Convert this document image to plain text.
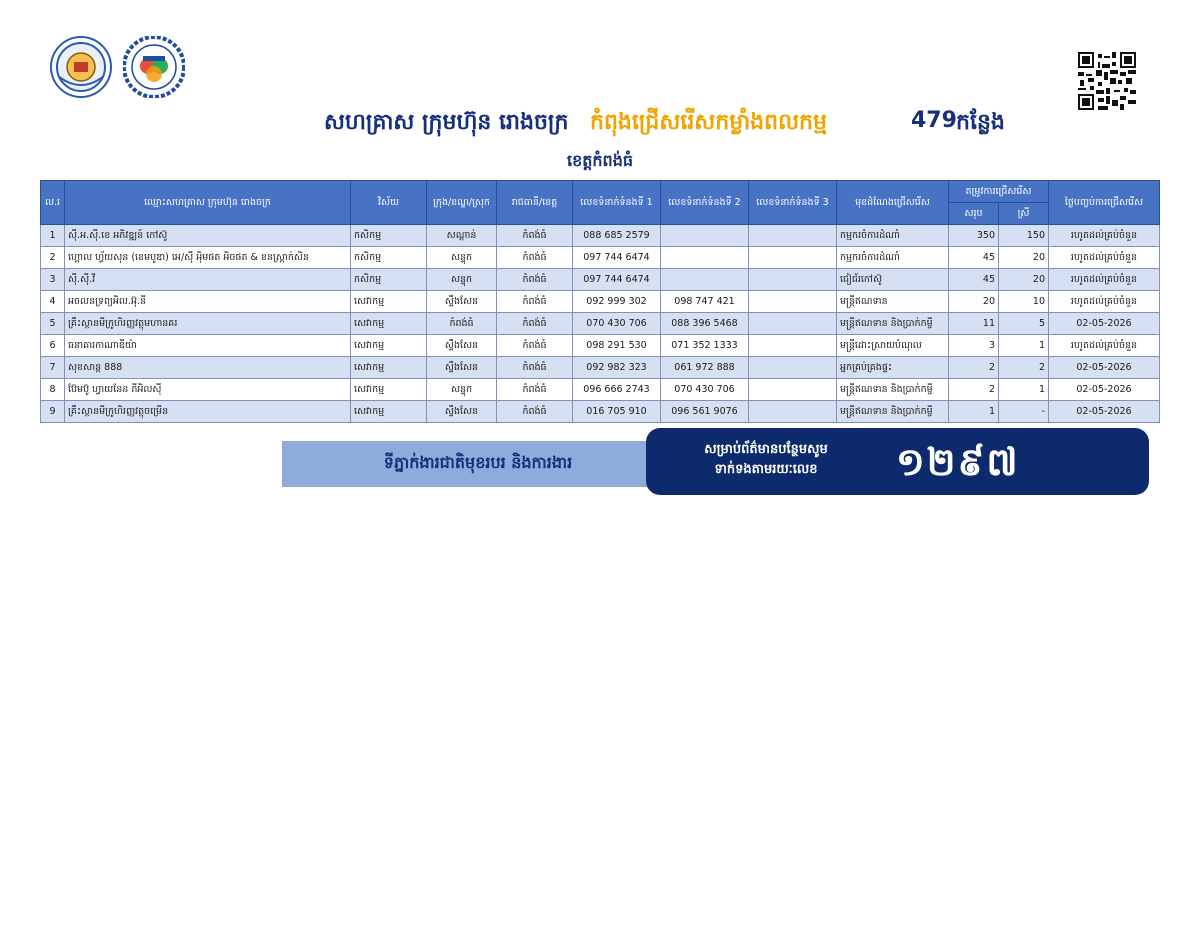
សហគ្រាស ក្រុមហ៊ុន រោងចក្រ កំពុងជ្រើសរើសកម្លាំងពលកម្ម	479 កន្លែង
ខេត្តកំពង់ធំ
ល.រ	ឈ្មោះសហគ្រាស ក្រុមហ៊ុន រោងចក្រ	វិស័យ	ក្រុង/ខណ្ឌ/ស្រុក	រាជធានី/ខេត្ត	លេខទំនាក់ទំនងទី 1	លេខទំនាក់ទំនងទី 2	លេខទំនាក់ទំនងទី 3	មុខដំណែងជ្រើសរើស	តម្រូវការជ្រើសរើស		ថ្ងៃបញ្ចប់ការជ្រើសរើស
									សរុប	ស្រី	
1	ស៊ី.អ.ស៊ី.ខេ អភិវឌ្ឍន៍ កៅស៊ូ	កសិកម្ម	សណ្ដាន់	កំពង់ធំ	088 685 2579			កម្មករចំការដំណាំ	350	150	រហូតដល់គ្រប់ចំនួន
2	ហ្គោល ហ្វ័យសុន (ខេមបូឌា) អេ/ស៊ី អុិមផត អិចផត & ខនស្ត្រាក់សិន	កសិកម្ម	សន្ទុក	កំពង់ធំ	097 744 6474			កម្មករចំការដំណាំ	45	20	រហូតដល់គ្រប់ចំនួន
3	ស៊ី.ស៊ី.វី	កសិកម្ម	សន្ទុក	កំពង់ធំ	097 744 6474			ជៀជ័រកៅស៊ូ	45	20	រហូតដល់គ្រប់ចំនួន
4	អចលនទ្រព្យអិល.អ៊ុ.នី	សេវាកម្ម	ស្ទឹងសែន	កំពង់ធំ	092 999 302	098 747 421		មន្ត្រីឥណទាន	20	10	រហូតដល់គ្រប់ចំនួន
5	គ្រឹះស្ថានមីក្រូហិរញ្ញវត្ថុមហានគរ	សេវាកម្ម	កំពង់ធំ	កំពង់ធំ	070 430 706	088 396 5468		មន្ត្រីឥណទាន និងប្រាក់កម្ចី	11	5	02-05-2026
6	ធនាគារកាណាឌីយ៉ា	សេវាកម្ម	ស្ទឹងសែន	កំពង់ធំ	098 291 530	071 352 1333		មន្ត្រីដោះស្រាយបំណុល	3	1	រហូតដល់គ្រប់ចំនួន
7	សុខសាន្ត 888	សេវាកម្ម	ស្ទឹងសែន	កំពង់ធំ	092 982 323	061 972 888		អ្នកគ្រប់គ្រងផ្ទះ	2	2	02-05-2026
8	ប៊ែមប៊ូ ហ្វាយនែន ភីអិលស៊ី	សេវាកម្ម	សន្ទុក	កំពង់ធំ	096 666 2743	070 430 706		មន្ត្រីឥណទាន និងប្រាក់កម្ចី	2	1	02-05-2026
9	គ្រឹះស្ថានមីក្រូហិរញ្ញវត្ថុចម្រើន	សេវាកម្ម	ស្ទឹងសែន	កំពង់ធំ	016 705 910	096 561 9076		មន្ត្រីឥណទាន និងប្រាក់កម្ចី	1	-	02-05-2026
ទីភ្នាក់ងារជាតិមុខរបរ និងការងារ
សម្រាប់ព័ត៌មានបន្ថែមសូម ទាក់ទងតាមរយៈលេខ	១២៩៧
